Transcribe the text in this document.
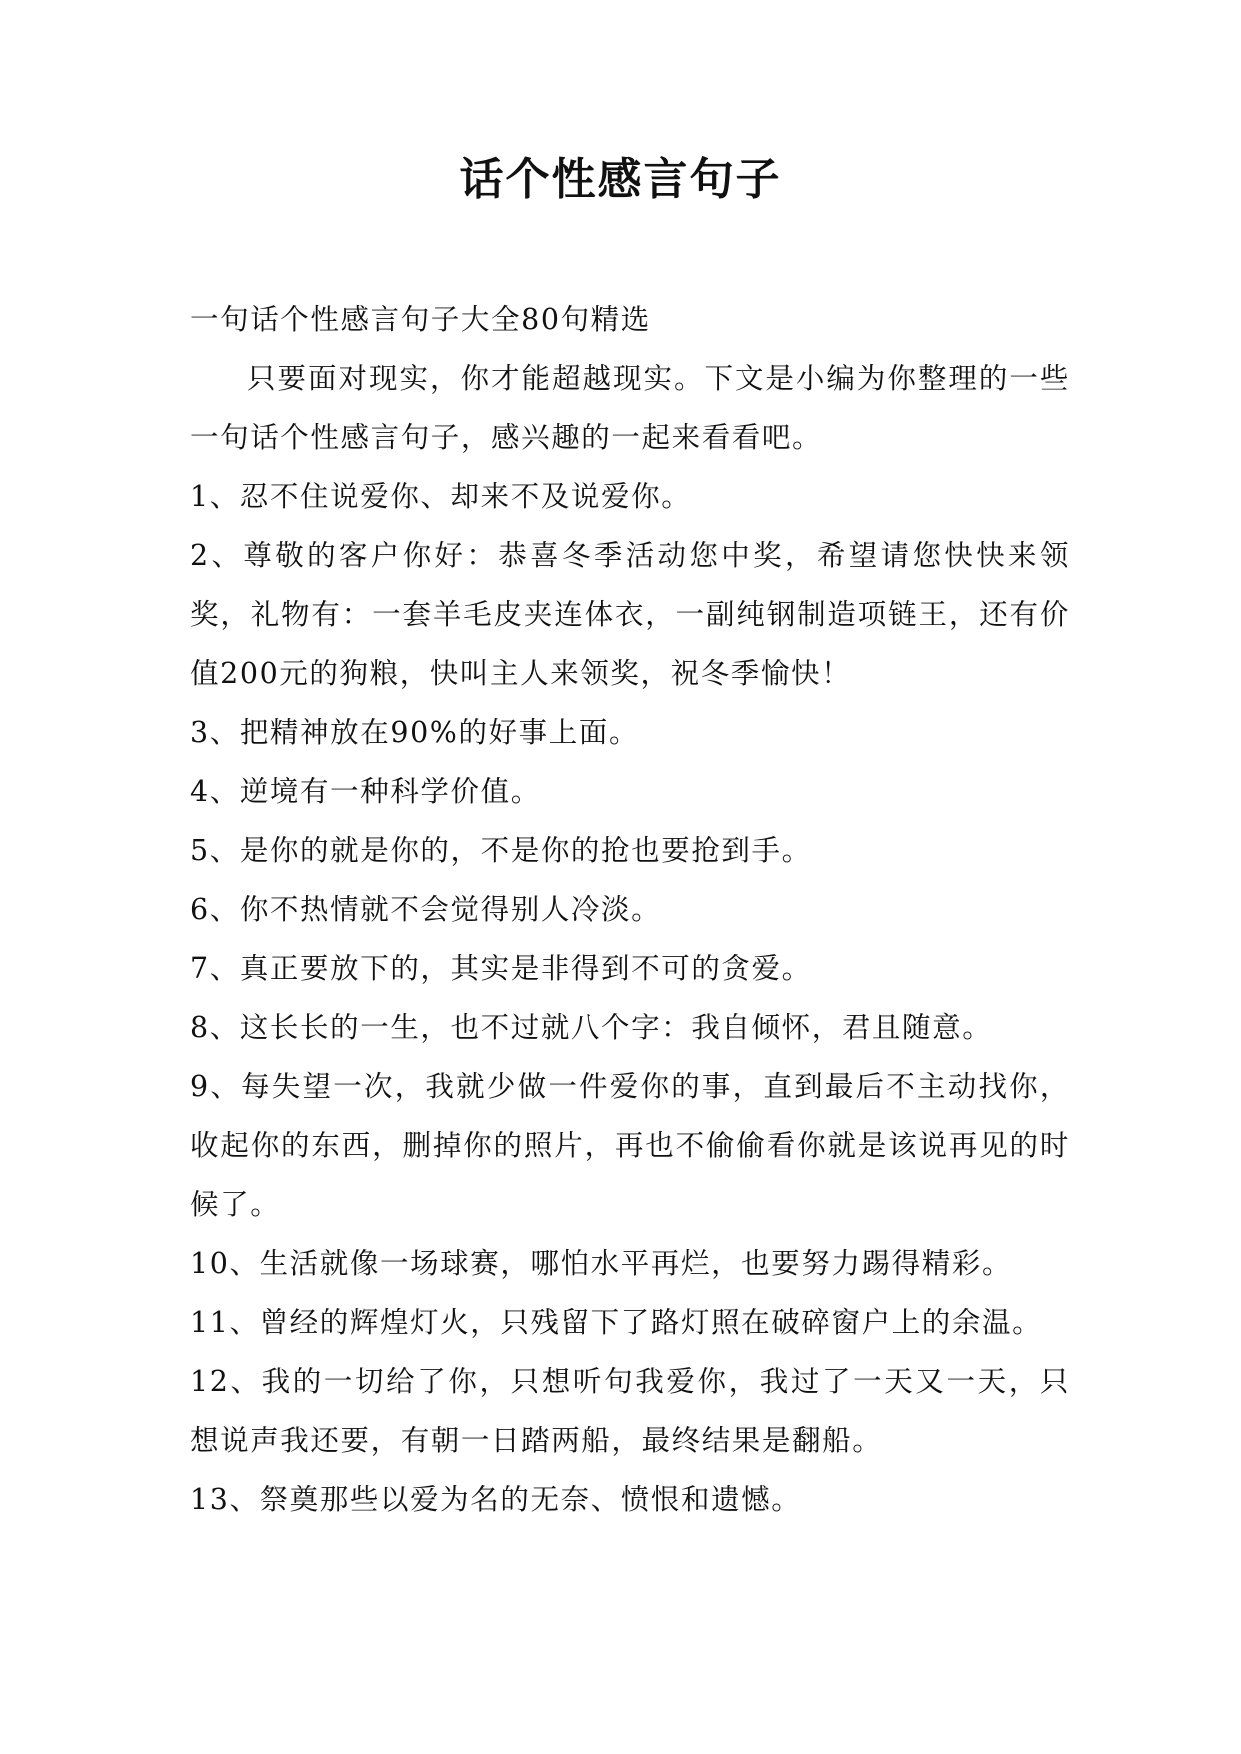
话个性感言句子

一句话个性感言句子大全80句精选

只要面对现实，你才能超越现实。下文是小编为你整理的一些一句话个性感言句子，感兴趣的一起来看看吧。

1、忍不住说爱你、却来不及说爱你。

2、尊敬的客户你好：恭喜冬季活动您中奖，希望请您快快来领奖，礼物有：一套羊毛皮夹连体衣，一副纯钢制造项链王，还有价值200元的狗粮，快叫主人来领奖，祝冬季愉快！

3、把精神放在90%的好事上面。

4、逆境有一种科学价值。

5、是你的就是你的，不是你的抢也要抢到手。

6、你不热情就不会觉得别人冷淡。

7、真正要放下的，其实是非得到不可的贪爱。

8、这长长的一生，也不过就八个字：我自倾怀，君且随意。

9、每失望一次，我就少做一件爱你的事，直到最后不主动找你，收起你的东西，删掉你的照片，再也不偷偷看你就是该说再见的时候了。

10、生活就像一场球赛，哪怕水平再烂，也要努力踢得精彩。

11、曾经的辉煌灯火，只残留下了路灯照在破碎窗户上的余温。

12、我的一切给了你，只想听句我爱你，我过了一天又一天，只想说声我还要，有朝一日踏两船，最终结果是翻船。

13、祭奠那些以爱为名的无奈、愤恨和遗憾。
